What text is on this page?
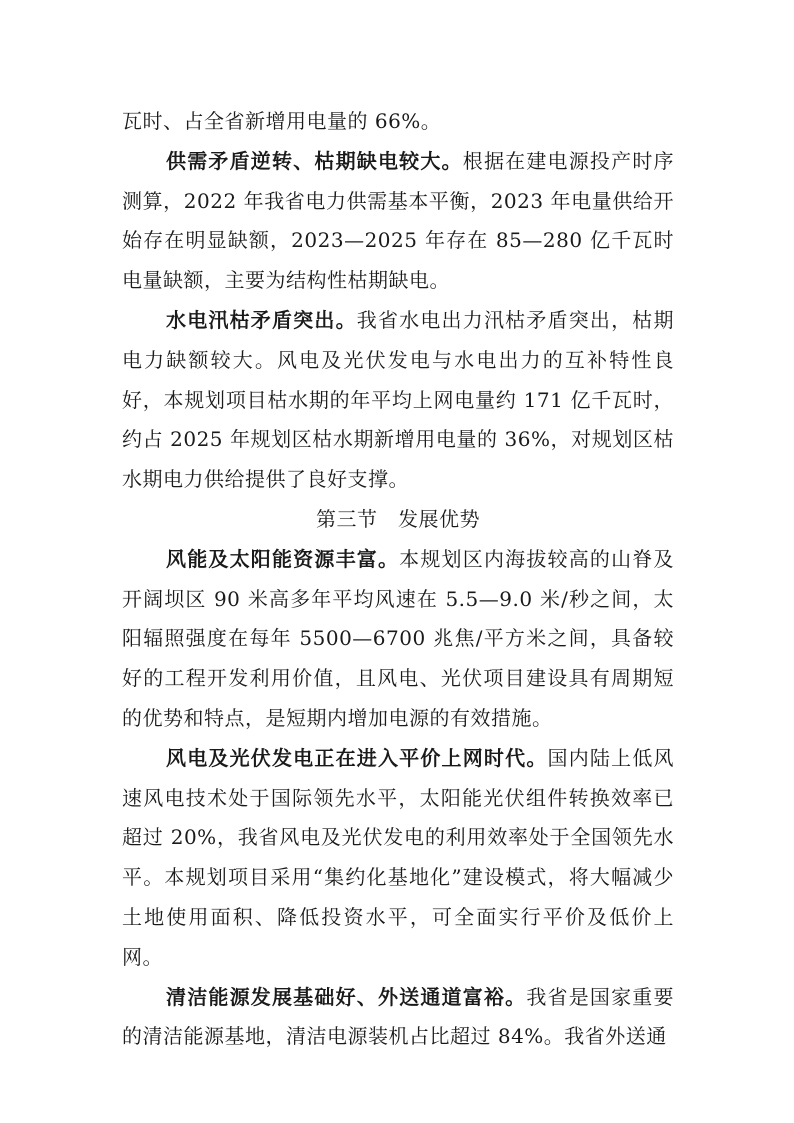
瓦时、占全省新增用电量的 66%。

供需矛盾逆转、枯期缺电较大。根据在建电源投产时序测算，2022 年我省电力供需基本平衡，2023 年电量供给开始存在明显缺额，2023—2025 年存在 85—280 亿千瓦时电量缺额，主要为结构性枯期缺电。

水电汛枯矛盾突出。我省水电出力汛枯矛盾突出，枯期电力缺额较大。风电及光伏发电与水电出力的互补特性良好，本规划项目枯水期的年平均上网电量约 171 亿千瓦时，约占 2025 年规划区枯水期新增用电量的 36%，对规划区枯水期电力供给提供了良好支撑。

第三节　发展优势

风能及太阳能资源丰富。本规划区内海拔较高的山脊及开阔坝区 90 米高多年平均风速在 5.5—9.0 米/秒之间，太阳辐照强度在每年 5500—6700 兆焦/平方米之间，具备较好的工程开发利用价值，且风电、光伏项目建设具有周期短的优势和特点，是短期内增加电源的有效措施。

风电及光伏发电正在进入平价上网时代。国内陆上低风速风电技术处于国际领先水平，太阳能光伏组件转换效率已超过 20%，我省风电及光伏发电的利用效率处于全国领先水平。本规划项目采用“集约化基地化”建设模式，将大幅减少土地使用面积、降低投资水平，可全面实行平价及低价上网。

清洁能源发展基础好、外送通道富裕。我省是国家重要的清洁能源基地，清洁电源装机占比超过 84%。我省外送通
